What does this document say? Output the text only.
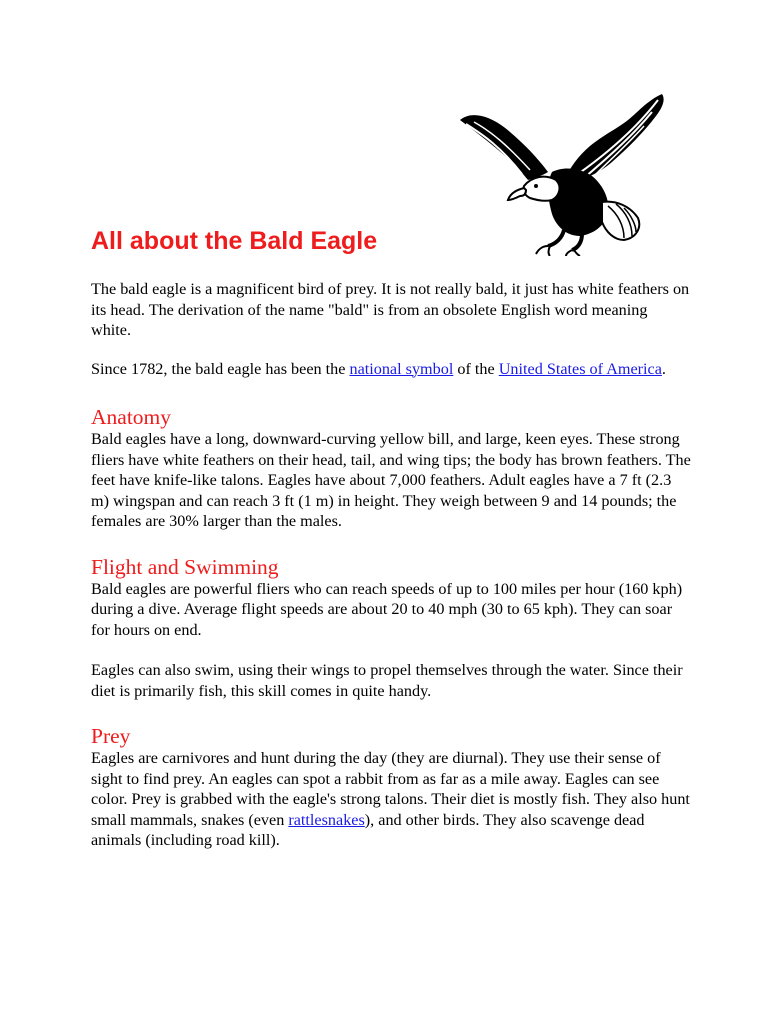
All about the Bald Eagle

The bald eagle is a magnificent bird of prey. It is not really bald, it just has white feathers on its head. The derivation of the name "bald" is from an obsolete English word meaning white.

Since 1782, the bald eagle has been the national symbol of the United States of America.

Anatomy

Bald eagles have a long, downward-curving yellow bill, and large, keen eyes. These strong fliers have white feathers on their head, tail, and wing tips; the body has brown feathers. The feet have knife-like talons. Eagles have about 7,000 feathers. Adult eagles have a 7 ft (2.3 m) wingspan and can reach 3 ft (1 m) in height. They weigh between 9 and 14 pounds; the females are 30% larger than the males.

Flight and Swimming

Bald eagles are powerful fliers who can reach speeds of up to 100 miles per hour (160 kph) during a dive. Average flight speeds are about 20 to 40 mph (30 to 65 kph). They can soar for hours on end.

Eagles can also swim, using their wings to propel themselves through the water. Since their diet is primarily fish, this skill comes in quite handy.

Prey

Eagles are carnivores and hunt during the day (they are diurnal). They use their sense of sight to find prey. An eagles can spot a rabbit from as far as a mile away. Eagles can see color. Prey is grabbed with the eagle's strong talons. Their diet is mostly fish. They also hunt small mammals, snakes (even rattlesnakes), and other birds. They also scavenge dead animals (including road kill).
